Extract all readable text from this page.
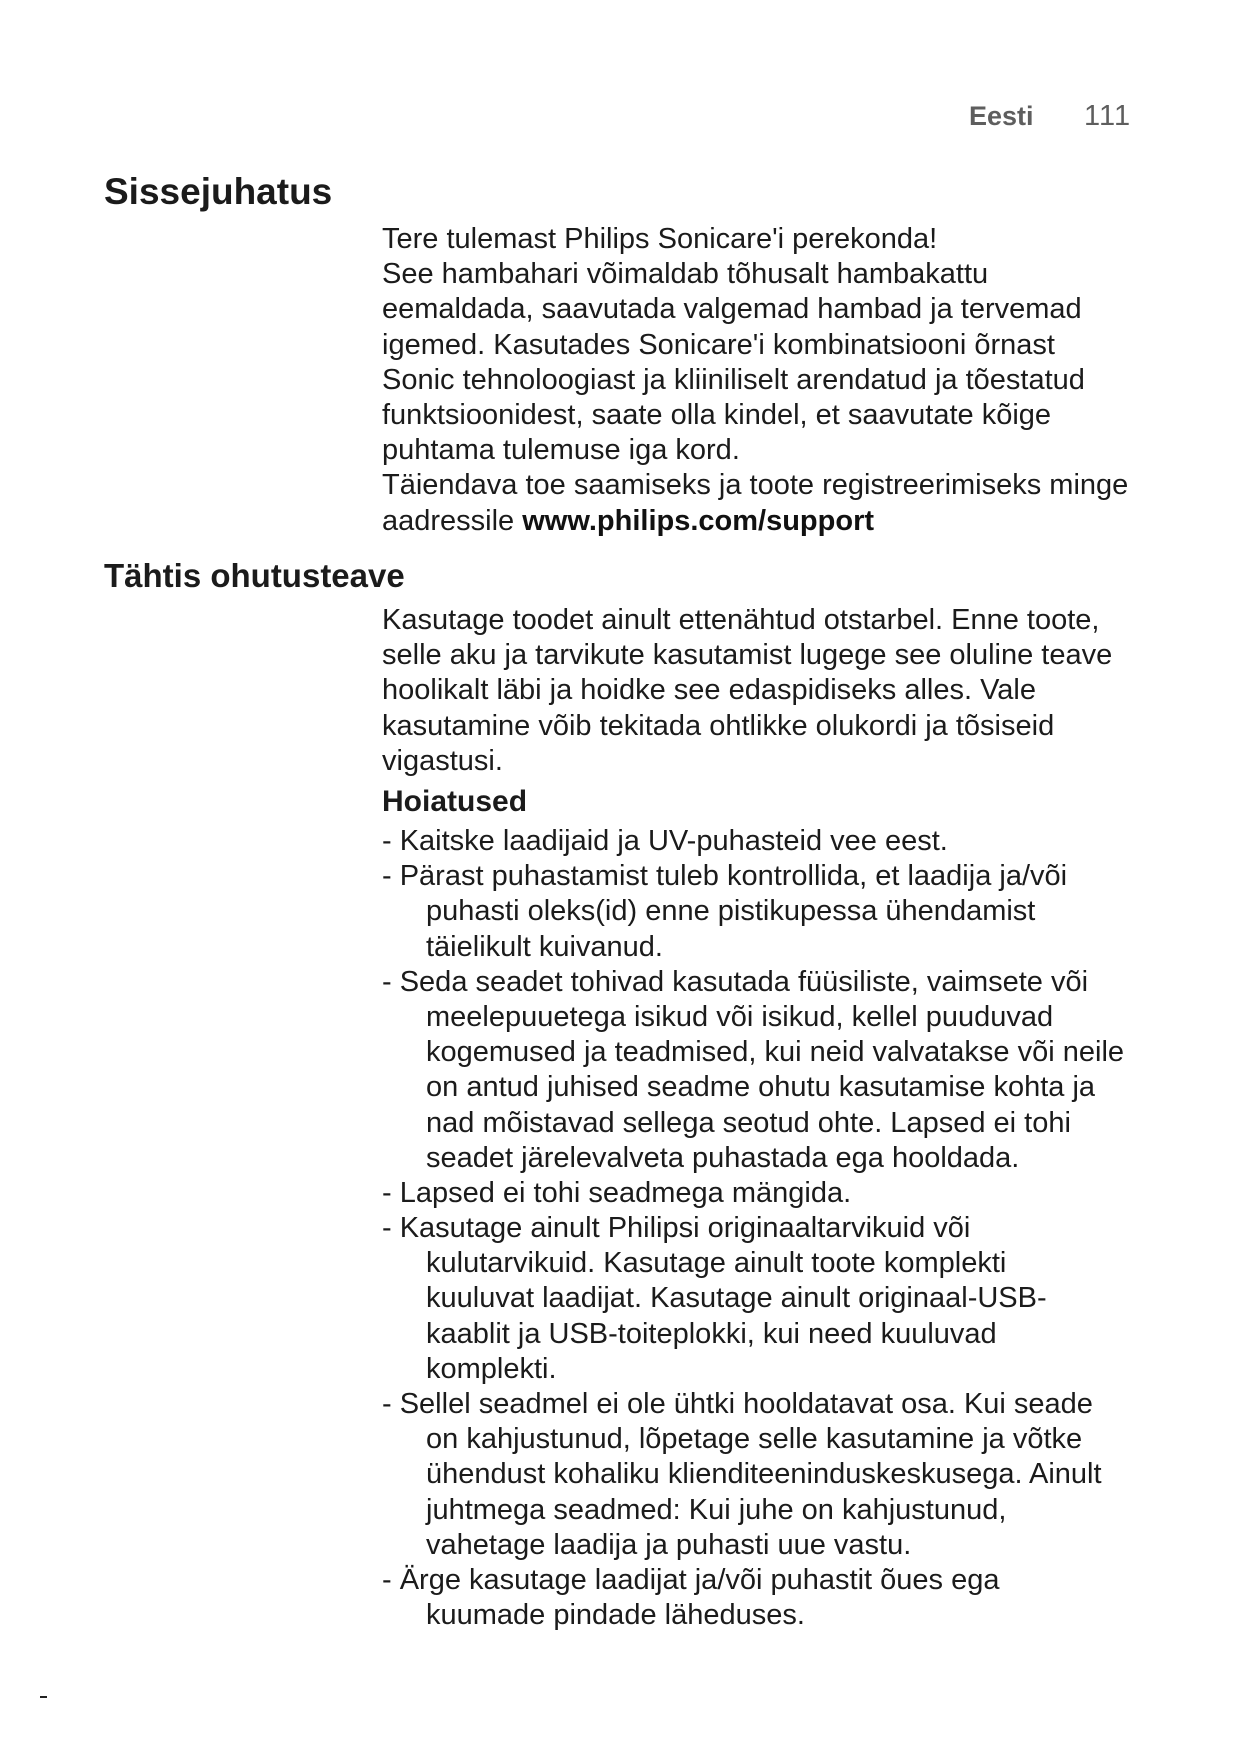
Eesti 111
Sissejuhatus
Tere tulemast Philips Sonicare'i perekonda!
See hambahari võimaldab tõhusalt hambakattu
eemaldada, saavutada valgemad hambad ja tervemad
igemed. Kasutades Sonicare'i kombinatsiooni õrnast
Sonic tehnoloogiast ja kliiniliselt arendatud ja tõestatud
funktsioonidest, saate olla kindel, et saavutate kõige
puhtama tulemuse iga kord.
Täiendava toe saamiseks ja toote registreerimiseks minge
aadressile www.philips.com/support
Tähtis ohutusteave
Kasutage toodet ainult ettenähtud otstarbel. Enne toote,
selle aku ja tarvikute kasutamist lugege see oluline teave
hoolikalt läbi ja hoidke see edaspidiseks alles. Vale
kasutamine võib tekitada ohtlikke olukordi ja tõsiseid
vigastusi.
Hoiatused
- Kaitske laadijaid ja UV-puhasteid vee eest.
- Pärast puhastamist tuleb kontrollida, et laadija ja/või
puhasti oleks(id) enne pistikupessa ühendamist
täielikult kuivanud.
- Seda seadet tohivad kasutada füüsiliste, vaimsete või
meelepuuetega isikud või isikud, kellel puuduvad
kogemused ja teadmised, kui neid valvatakse või neile
on antud juhised seadme ohutu kasutamise kohta ja
nad mõistavad sellega seotud ohte. Lapsed ei tohi
seadet järelevalveta puhastada ega hooldada.
- Lapsed ei tohi seadmega mängida.
- Kasutage ainult Philipsi originaaltarvikuid või
kulutarvikuid. Kasutage ainult toote komplekti
kuuluvat laadijat. Kasutage ainult originaal-USB-
kaablit ja USB-toiteplokki, kui need kuuluvad
komplekti.
- Sellel seadmel ei ole ühtki hooldatavat osa. Kui seade
on kahjustunud, lõpetage selle kasutamine ja võtke
ühendust kohaliku klienditeeninduskeskusega. Ainult
juhtmega seadmed: Kui juhe on kahjustunud,
vahetage laadija ja puhasti uue vastu.
- Ärge kasutage laadijat ja/või puhastit õues ega
kuumade pindade läheduses.
